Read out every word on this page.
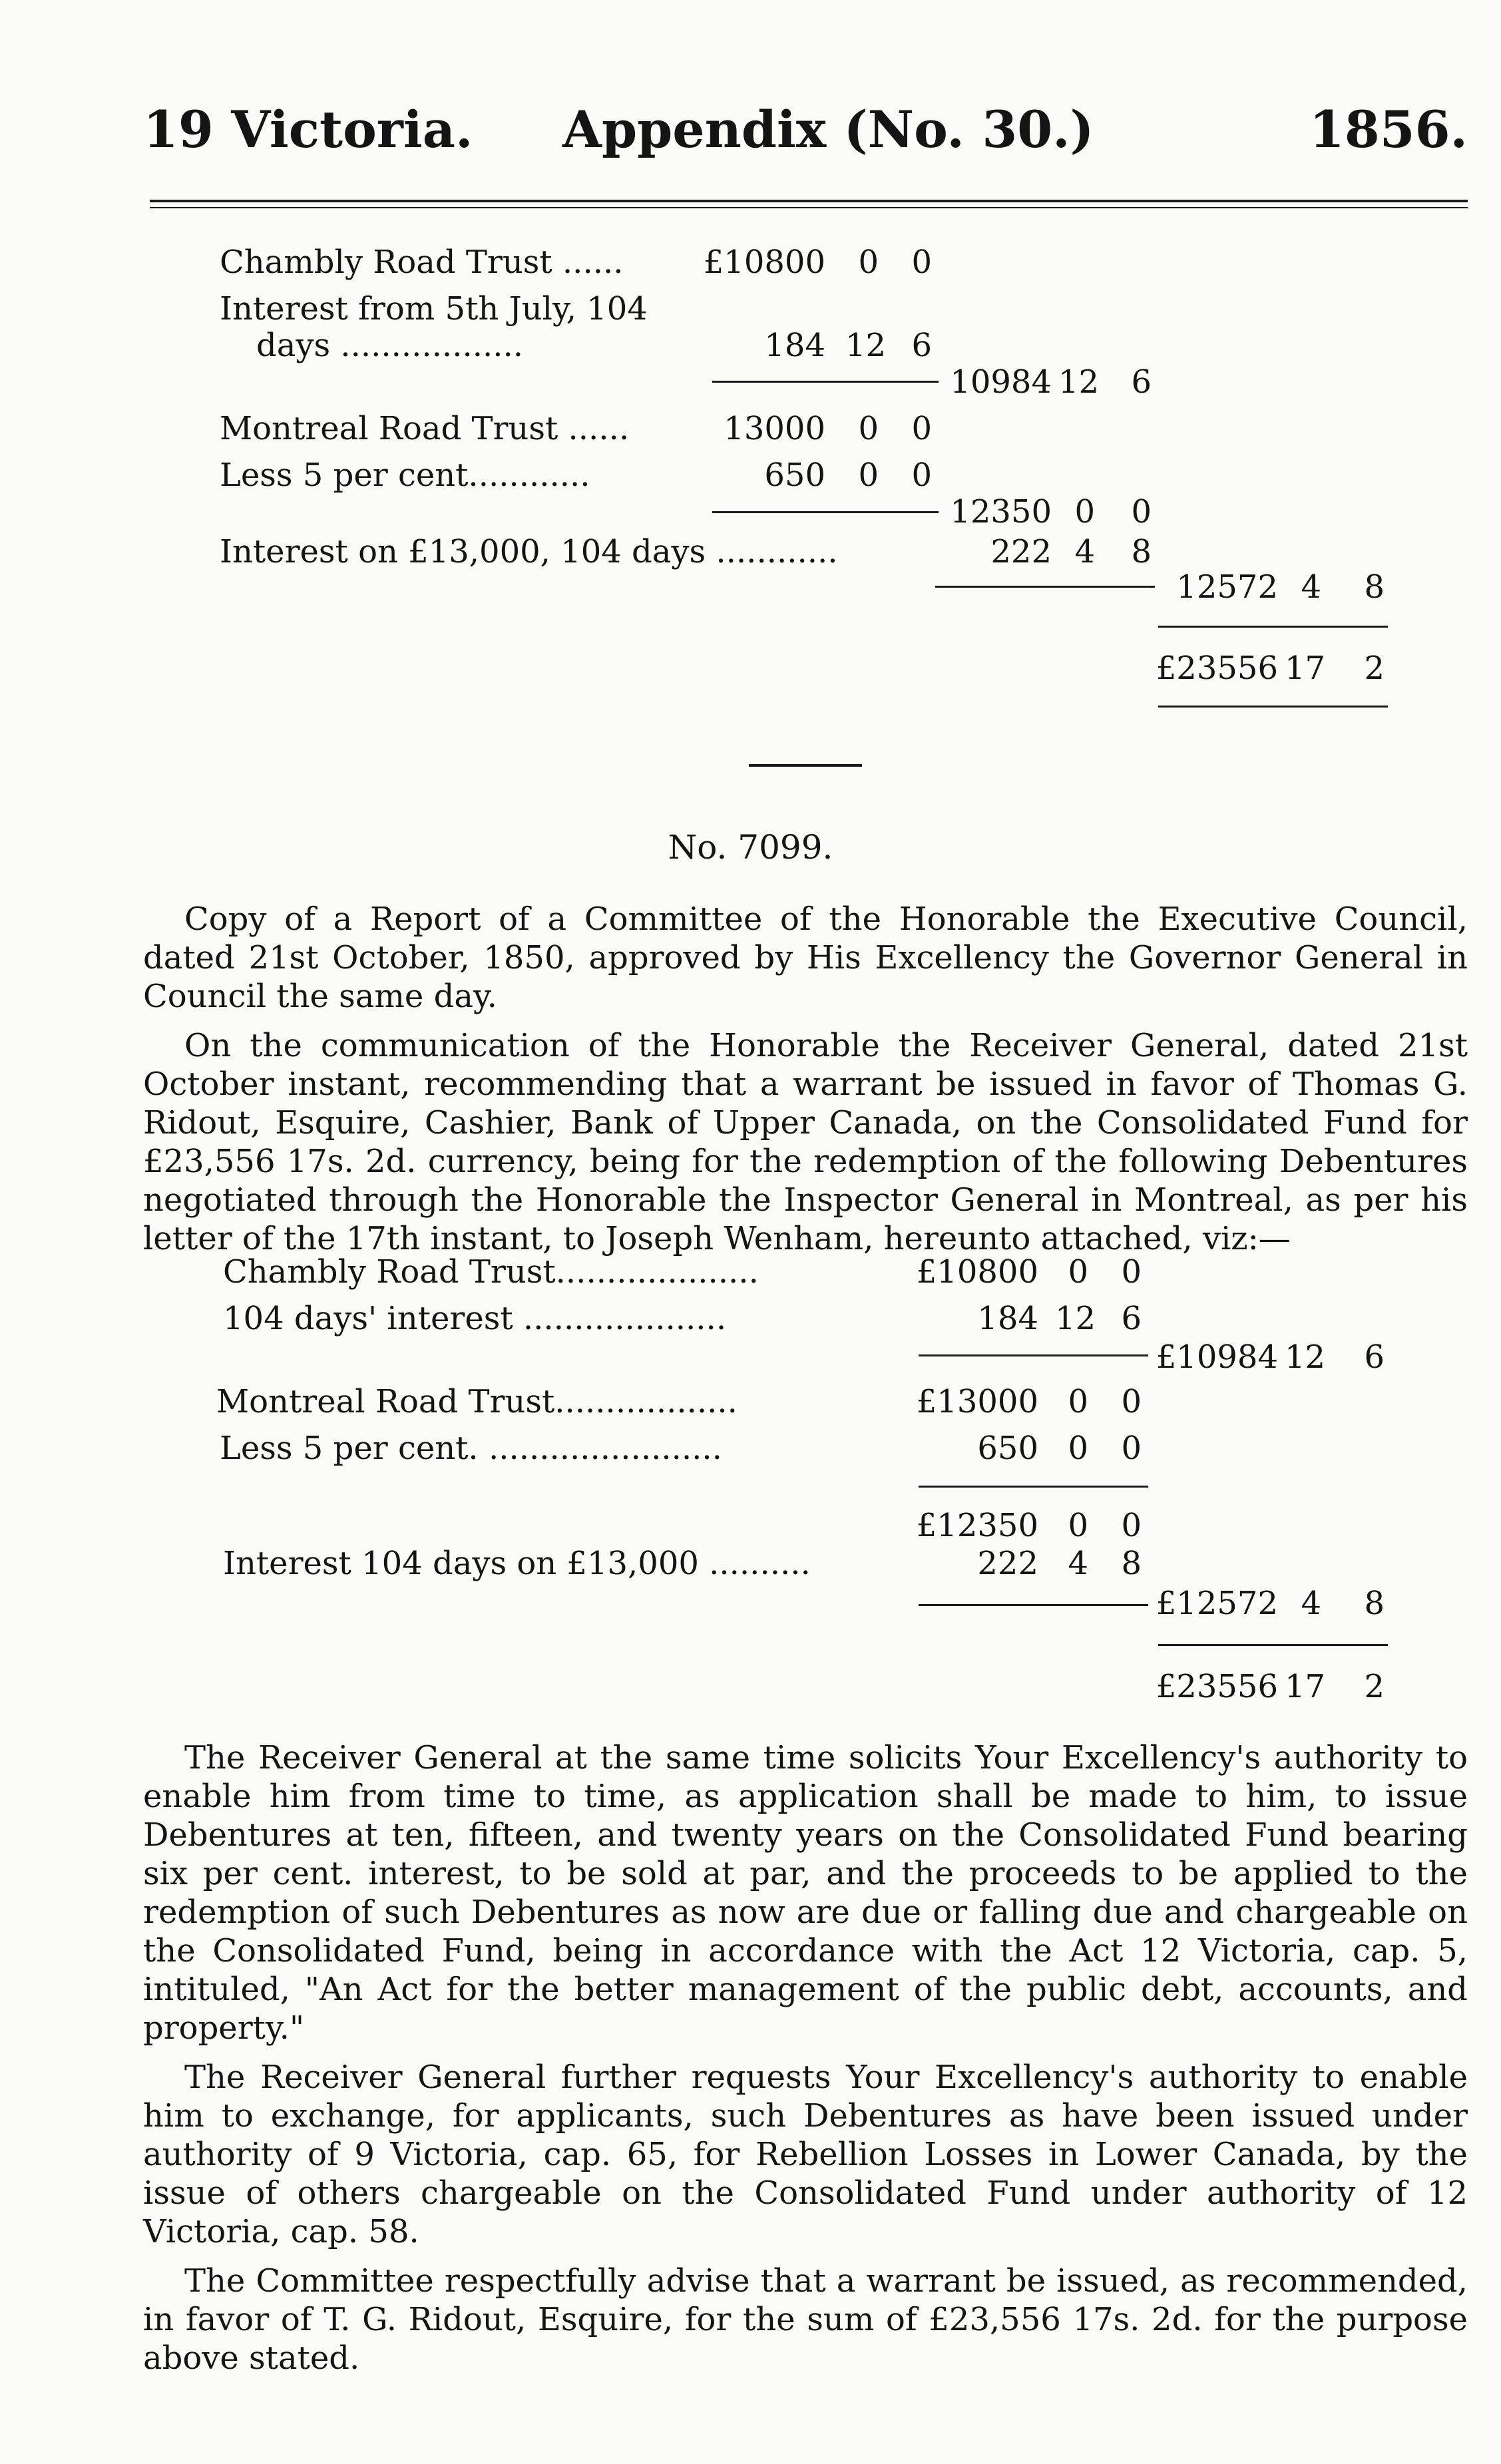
19 Victoria. Appendix (No. 30.)	1856.
Chambly Road Trust ......	£10800	0	0
Interest from 5th July, 104
days ..................	184 12 6
10984 12	6
Montreal Road Trust ......	13000	0	0
Less 5 per cent............	650	0	0
12350 0	0
Interest on £13,000, 104 days ............	222 4	8
12572 4	8
£23556 17	2
No. 7099.

Copy of a Report of a Committee of the Honorable the Executive Council, dated 21st October, 1850, approved by His Excellency the Governor General in Council the same day.

On the communication of the Honorable the Receiver General, dated 21st October instant, recommending that a warrant be issued in favor of Thomas G. Ridout, Esquire, Cashier, Bank of Upper Canada, on the Consolidated Fund for £23,556 17s. 2d. currency, being for the redemption of the following Debentures negotiated through the Honorable the Inspector General in Montreal, as per his letter of the 17th instant, to Joseph Wenham, hereunto attached, viz:—

Chambly Road Trust....................	£10800 0	0
104 days' interest ....................	184 12 6
£10984 12	6
Montreal Road Trust..................	£13000 0	0
Less 5 per cent. .......................	650 0	0
£12350 0	0
Interest 104 days on £13,000 ..........	222 4	8
£12572 4	8
£23556 17	2

The Receiver General at the same time solicits Your Excellency's authority to enable him from time to time, as application shall be made to him, to issue Debentures at ten, fifteen, and twenty years on the Consolidated Fund bearing six per cent. interest, to be sold at par, and the proceeds to be applied to the redemption of such Debentures as now are due or falling due and chargeable on the Consolidated Fund, being in accordance with the Act 12 Victoria, cap. 5, intituled, "An Act for the better management of the public debt, accounts, and property."

The Receiver General further requests Your Excellency's authority to enable him to exchange, for applicants, such Debentures as have been issued under authority of 9 Victoria, cap. 65, for Rebellion Losses in Lower Canada, by the issue of others chargeable on the Consolidated Fund under authority of 12 Victoria, cap. 58.

The Committee respectfully advise that a warrant be issued, as recommended, in favor of T. G. Ridout, Esquire, for the sum of £23,556 17s. 2d. for the purpose above stated.
